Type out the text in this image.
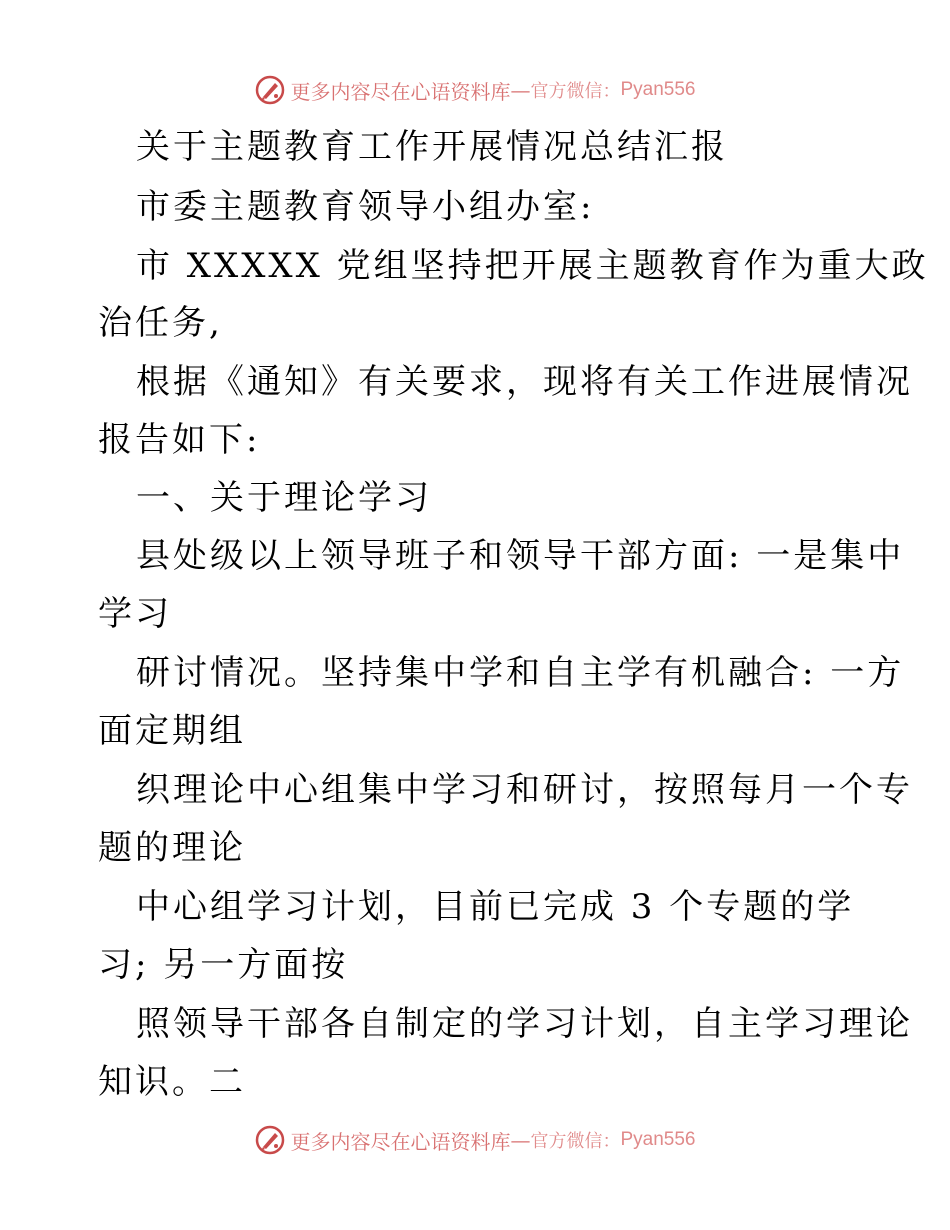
更多内容尽在心语资料库 — 官方微信： Pyan556
关于主题教育工作开展情况总结汇报
市委主题教育领导小组办室:
市 XXXXX 党组坚持把开展主题教育作为重大政
治任务,
根据《通知》有关要求，现将有关工作进展情况
报告如下:
一、关于理论学习
县处级以上领导班子和领导干部方面: 一是集中
学习
研讨情况。坚持集中学和自主学有机融合: 一方
面定期组
织理论中心组集中学习和研讨，按照每月一个专
题的理论
中心组学习计划，目前已完成 3 个专题的学
习; 另一方面按
照领导干部各自制定的学习计划，自主学习理论
知识。二
更多内容尽在心语资料库 — 官方微信： Pyan556
